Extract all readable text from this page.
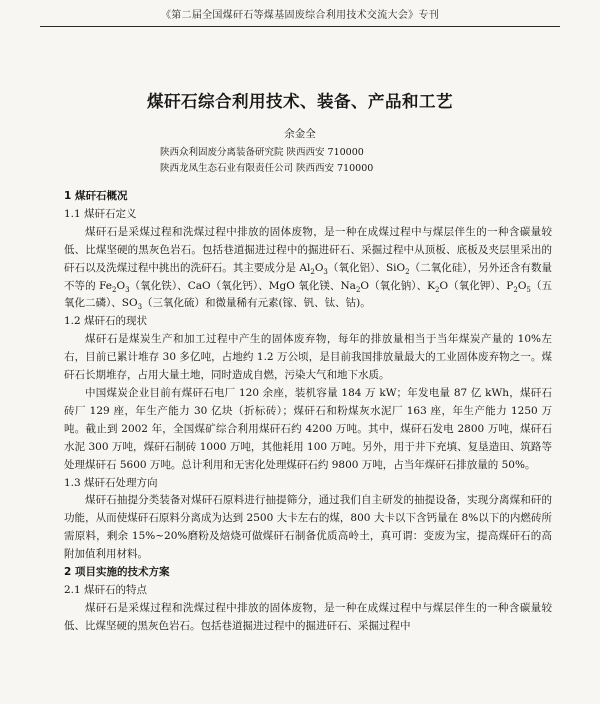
《第二届全国煤矸石等煤基固废综合利用技术交流大会》专刊
煤矸石综合利用技术、装备、产品和工艺
余金全
陕西众利固废分离装备研究院 陕西西安 710000
陕西龙凤生态石业有限责任公司 陕西西安 710000

1 煤矸石概况

1.1 煤矸石定义

煤矸石是采煤过程和洗煤过程中排放的固体废物，是一种在成煤过程中与煤层伴生的一种含碳量较低、比煤坚硬的黑灰色岩石。包括巷道掘进过程中的掘进矸石、采掘过程中从顶板、底板及夹层里采出的矸石以及洗煤过程中挑出的洗矸石。其主要成分是 $Al_2O_3$（氧化铝）、SiO$_2$（二氧化硅），另外还含有数量不等的 $Fe_2O_3$（氧化铁）、CaO（氧化钙）、MgO 氧化镁、$Na_2O$（氧化钠）、$K_2O$（氧化钾）、$P_2O_5$（五氧化二磷）、$SO_3$（三氧化硫）和微量稀有元素(镓、钒、钛、钴)。

1.2 煤矸石的现状

煤矸石是煤炭生产和加工过程中产生的固体废弃物，每年的排放量相当于当年煤炭产量的 10%左右，目前已累计堆存 30 多亿吨，占地约 1.2 万公顷，是目前我国排放量最大的工业固体废弃物之一。煤矸石长期堆存，占用大量土地，同时造成自燃，污染大气和地下水质。

中国煤炭企业目前有煤矸石电厂 120 余座，装机容量 184 万 kW；年发电量 87 亿 kWh，煤矸石砖厂 129 座，年生产能力 30 亿块（折标砖）；煤矸石和粉煤灰水泥厂 163 座，年生产能力 1250 万吨。截止到 2002 年，全国煤矿综合利用煤矸石约 4200 万吨。其中，煤矸石发电 2800 万吨，煤矸石水泥 300 万吨，煤矸石制砖 1000 万吨，其他耗用 100 万吨。另外，用于井下充填、复垦造田、筑路等处理煤矸石 5600 万吨。总计利用和无害化处理煤矸石约 9800 万吨，占当年煤矸石排放量的 50%。

1.3 煤矸石处理方向

煤矸石抽提分类装备对煤矸石原料进行抽提筛分，通过我们自主研发的抽提设备，实现分离煤和矸的功能，从而使煤矸石原料分离成为达到 2500 大卡左右的煤，800 大卡以下含钙量在 8%以下的内燃砖所需原料，剩余 15%~20%磨粉及焙烧可做煤矸石制备优质高岭土，真可谓：变废为宝，提高煤矸石的高附加值利用材料。

2 项目实施的技术方案

2.1 煤矸石的特点

煤矸石是采煤过程和洗煤过程中排放的固体废物，是一种在成煤过程中与煤层伴生的一种含碳量较低、比煤坚硬的黑灰色岩石。包括巷道掘进过程中的掘进矸石、采掘过程中
